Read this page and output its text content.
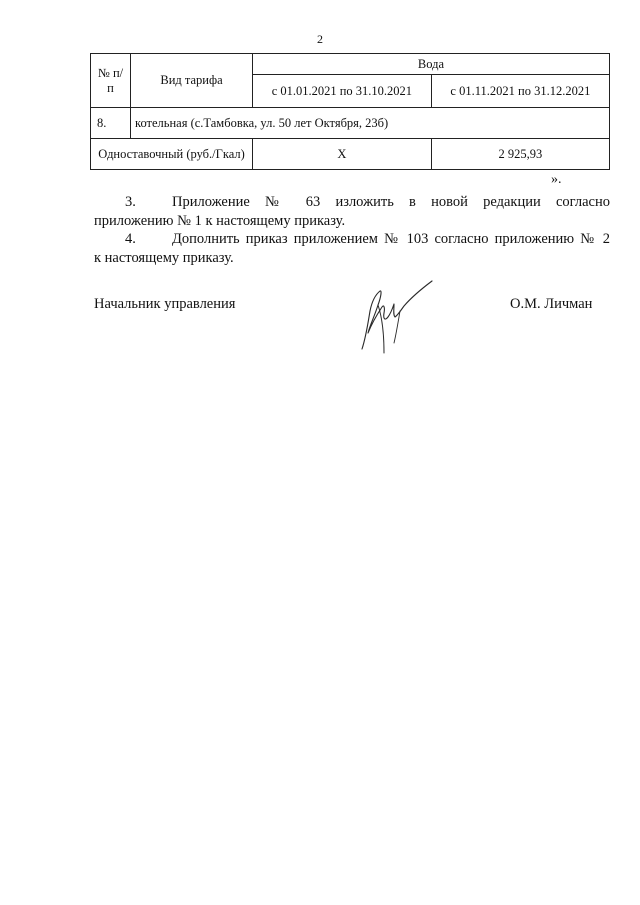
2
№ п/п	Вид тарифа	Вода	
		с 01.01.2021 по 31.10.2021	с 01.11.2021 по 31.12.2021
8.	котельная (с.Тамбовка, ул. 50 лет Октября, 23б)		
Одноставочный (руб./Гкал)		Х	2 925,93
».
3. Приложение № 63 изложить в новой редакции согласно
приложению № 1 к настоящему приказу.
4. Дополнить приказ приложением № 103 согласно приложению № 2
к настоящему приказу.
Начальник управления	О.М. Личман
